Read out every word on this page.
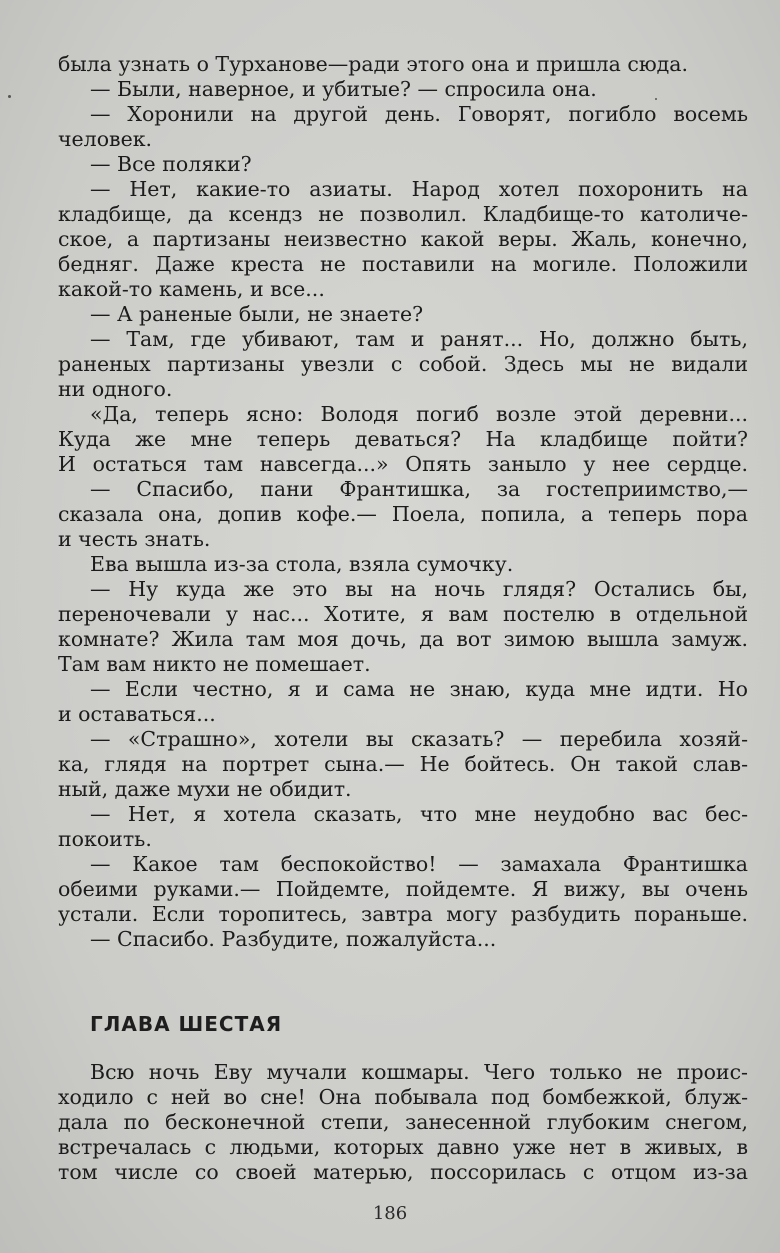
была узнать о Турханове—ради этого она и пришла сюда.
— Были, наверное, и убитые? — спросила она.
— Хоронили на другой день. Говорят, погибло восемь
человек.
— Все поляки?
— Нет, какие-то азиаты. Народ хотел похоронить на
кладбище, да ксендз не позволил. Кладбище-то католиче-
ское, а партизаны неизвестно какой веры. Жаль, конечно,
бедняг. Даже креста не поставили на могиле. Положили
какой-то камень, и все...
— А раненые были, не знаете?
— Там, где убивают, там и ранят... Но, должно быть,
раненых партизаны увезли с собой. Здесь мы не видали
ни одного.
«Да, теперь ясно: Володя погиб возле этой деревни...
Куда же мне теперь деваться? На кладбище пойти?
И остаться там навсегда...» Опять заныло у нее сердце.
— Спасибо, пани Франтишка, за гостеприимство,—
сказала она, допив кофе.— Поела, попила, а теперь пора
и честь знать.
Ева вышла из-за стола, взяла сумочку.
— Ну куда же это вы на ночь глядя? Остались бы,
переночевали у нас... Хотите, я вам постелю в отдельной
комнате? Жила там моя дочь, да вот зимою вышла замуж.
Там вам никто не помешает.
— Если честно, я и сама не знаю, куда мне идти. Но
и оставаться...
— «Страшно», хотели вы сказать? — перебила хозяй-
ка, глядя на портрет сына.— Не бойтесь. Он такой слав-
ный, даже мухи не обидит.
— Нет, я хотела сказать, что мне неудобно вас бес-
покоить.
— Какое там беспокойство! — замахала Франтишка
обеими руками.— Пойдемте, пойдемте. Я вижу, вы очень
устали. Если торопитесь, завтра могу разбудить пораньше.
— Спасибо. Разбудите, пожалуйста...
ГЛАВА ШЕСТАЯ
Всю ночь Еву мучали кошмары. Чего только не проис-
ходило с ней во сне! Она побывала под бомбежкой, блуж-
дала по бесконечной степи, занесенной глубоким снегом,
встречалась с людьми, которых давно уже нет в живых, в
том числе со своей матерью, поссорилась с отцом из-за
186
